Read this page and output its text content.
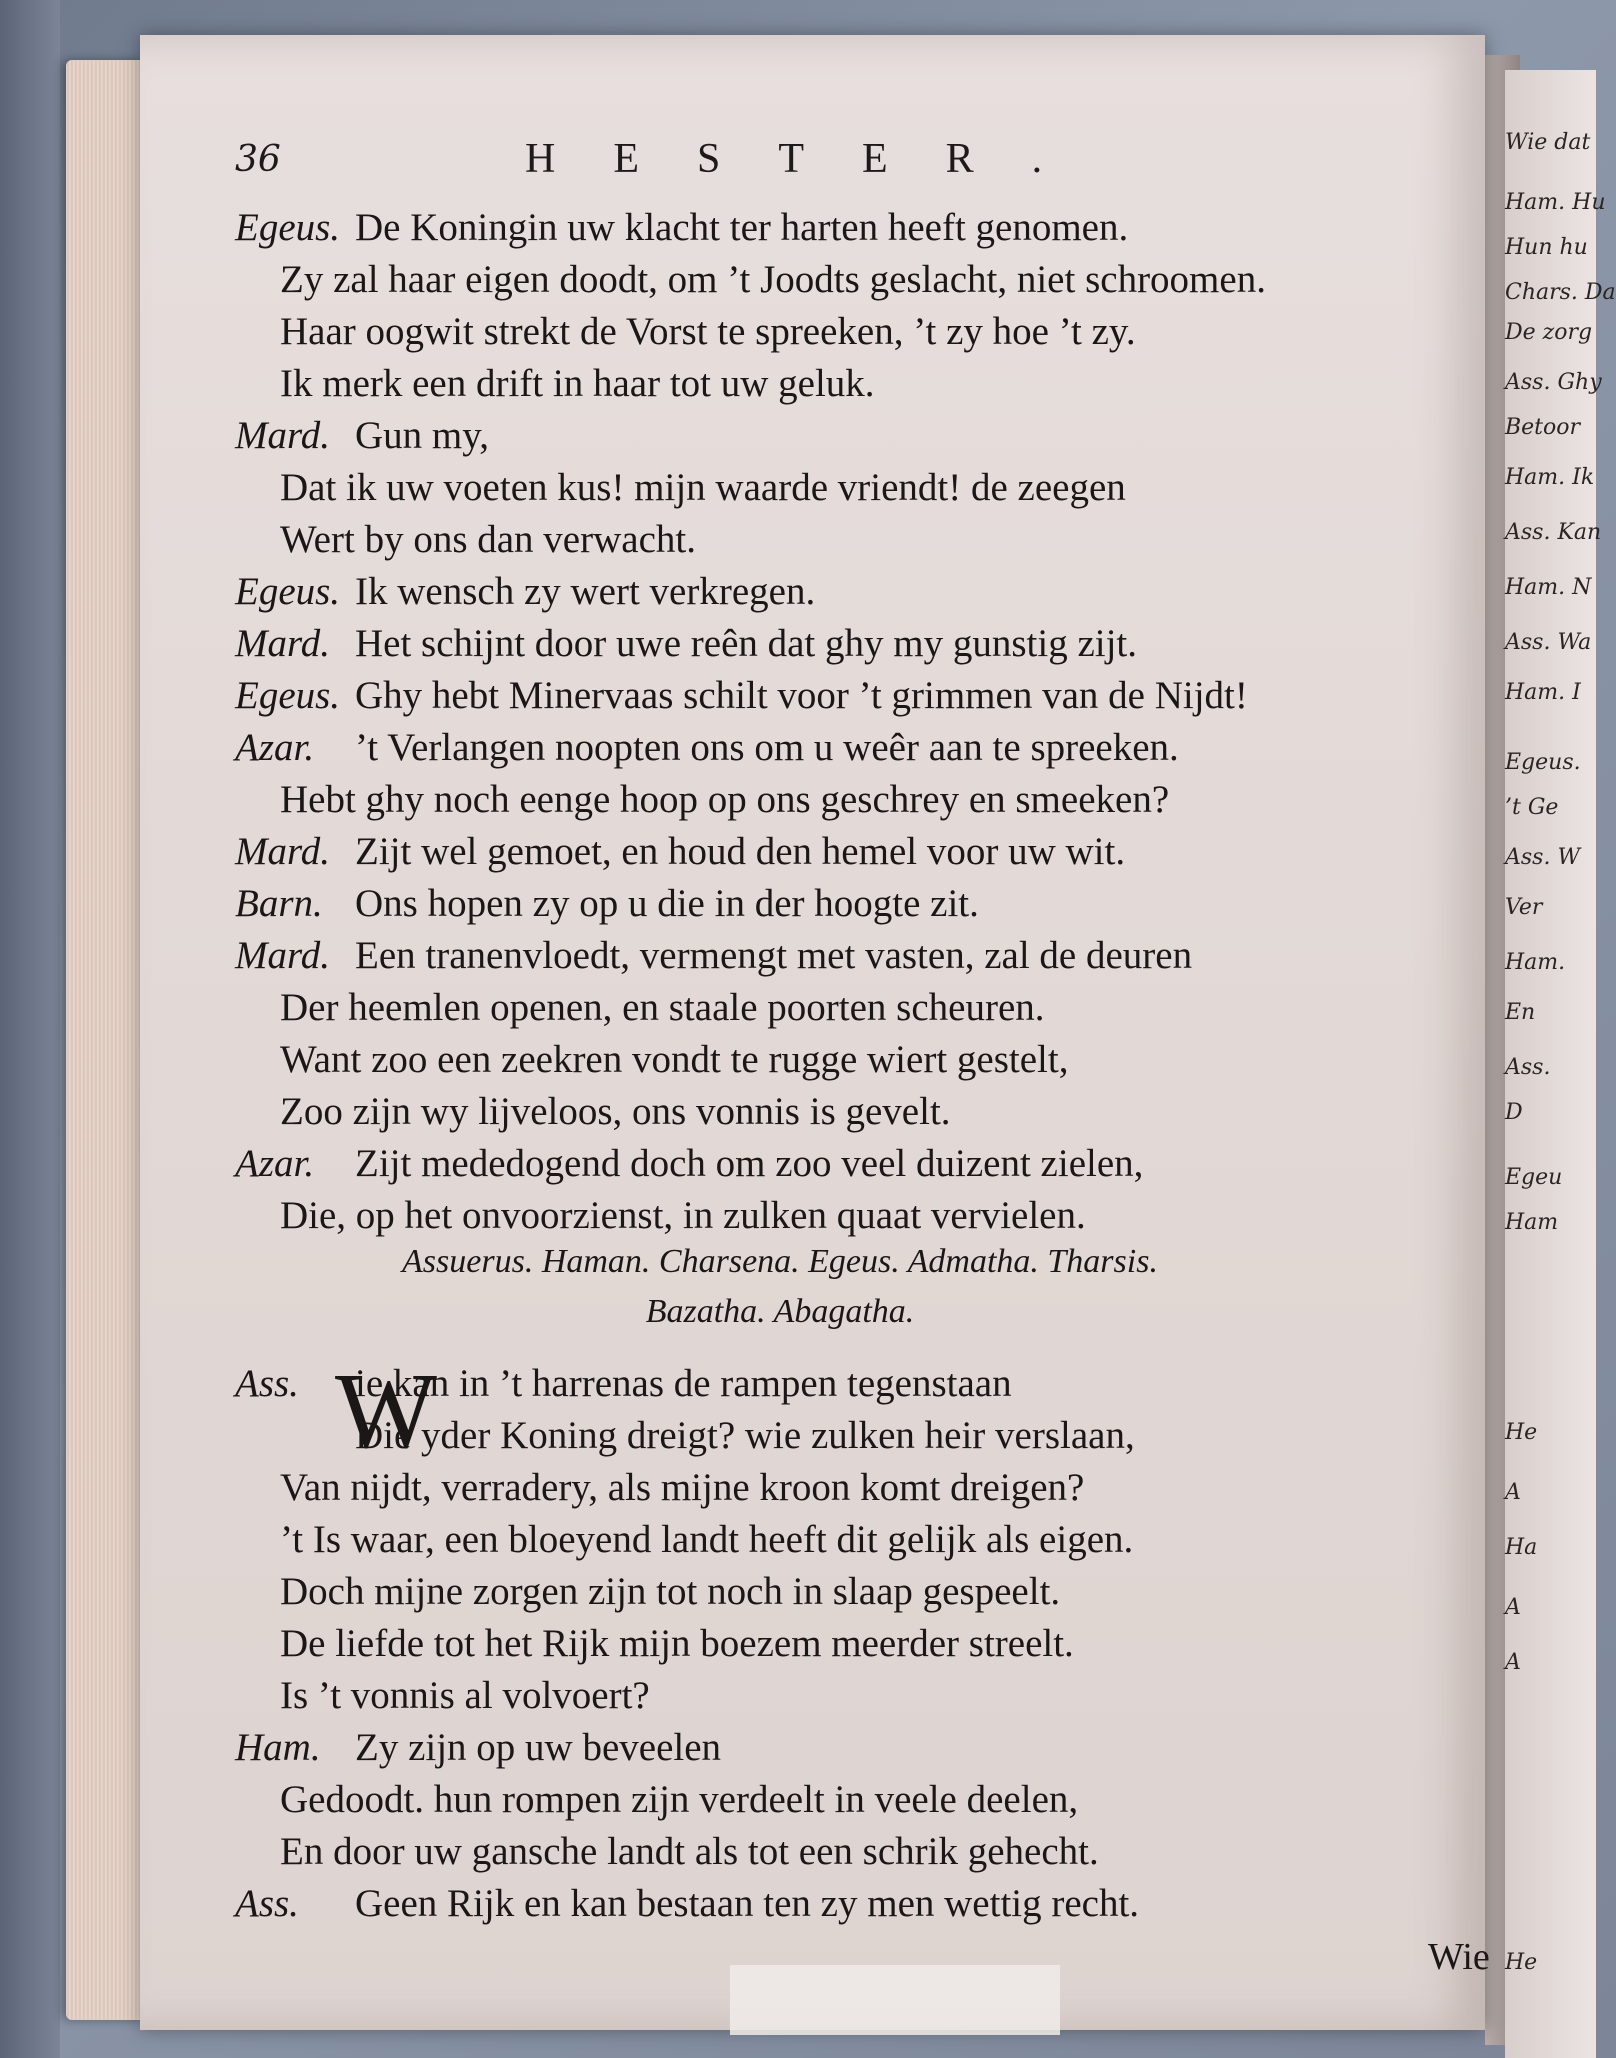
Wie dat
Ham. Hu
Hun hu
Chars. Da
De zorg
Ass. Ghy
Betoor
Ham. Ik
Ass. Kan
Ham. N
Ass. Wa
Ham. I
Egeus.
’t Ge
Ass. W
Ver
Ham.
En
Ass.
D
Egeu
Ham
He
A
Ha
A
A
He
36	HESTER.
Egeus. De Koningin uw klacht ter harten heeft genomen.
Zy zal haar eigen doodt, om ’t Joodts geslacht, niet schroomen.
Haar oogwit strekt de Vorst te spreeken, ’t zy hoe ’t zy.
Ik merk een drift in haar tot uw geluk.
Mard. Gun my,
Dat ik uw voeten kus! mijn waarde vriendt! de zeegen
Wert by ons dan verwacht.
Egeus. Ik wensch zy wert verkregen.
Mard. Het schijnt door uwe reên dat ghy my gunstig zijt.
Egeus. Ghy hebt Minervaas schilt voor ’t grimmen van de Nijdt!
Azar. ’t Verlangen noopten ons om u weêr aan te spreeken.
Hebt ghy noch eenge hoop op ons geschrey en smeeken?
Mard. Zijt wel gemoet, en houd den hemel voor uw wit.
Barn. Ons hopen zy op u die in der hoogte zit.
Mard. Een tranenvloedt, vermengt met vasten, zal de deuren
Der heemlen openen, en staale poorten scheuren.
Want zoo een zeekren vondt te rugge wiert gestelt,
Zoo zijn wy lijveloos, ons vonnis is gevelt.
Azar. Zijt mededogend doch om zoo veel duizent zielen,
Die, op het onvoorzienst, in zulken quaat vervielen.
Assuerus. Haman. Charsena. Egeus. Admatha. Tharsis.
Bazatha. Abagatha.
W
Ass. ie kan in ’t harrenas de rampen tegenstaan
Die yder Koning dreigt? wie zulken heir verslaan,
Van nijdt, verradery, als mijne kroon komt dreigen?
’t Is waar, een bloeyend landt heeft dit gelijk als eigen.
Doch mijne zorgen zijn tot noch in slaap gespeelt.
De liefde tot het Rijk mijn boezem meerder streelt.
Is ’t vonnis al volvoert?
Ham. Zy zijn op uw beveelen
Gedoodt. hun rompen zijn verdeelt in veele deelen,
En door uw gansche landt als tot een schrik gehecht.
Ass. Geen Rijk en kan bestaan ten zy men wettig recht.
Wie
